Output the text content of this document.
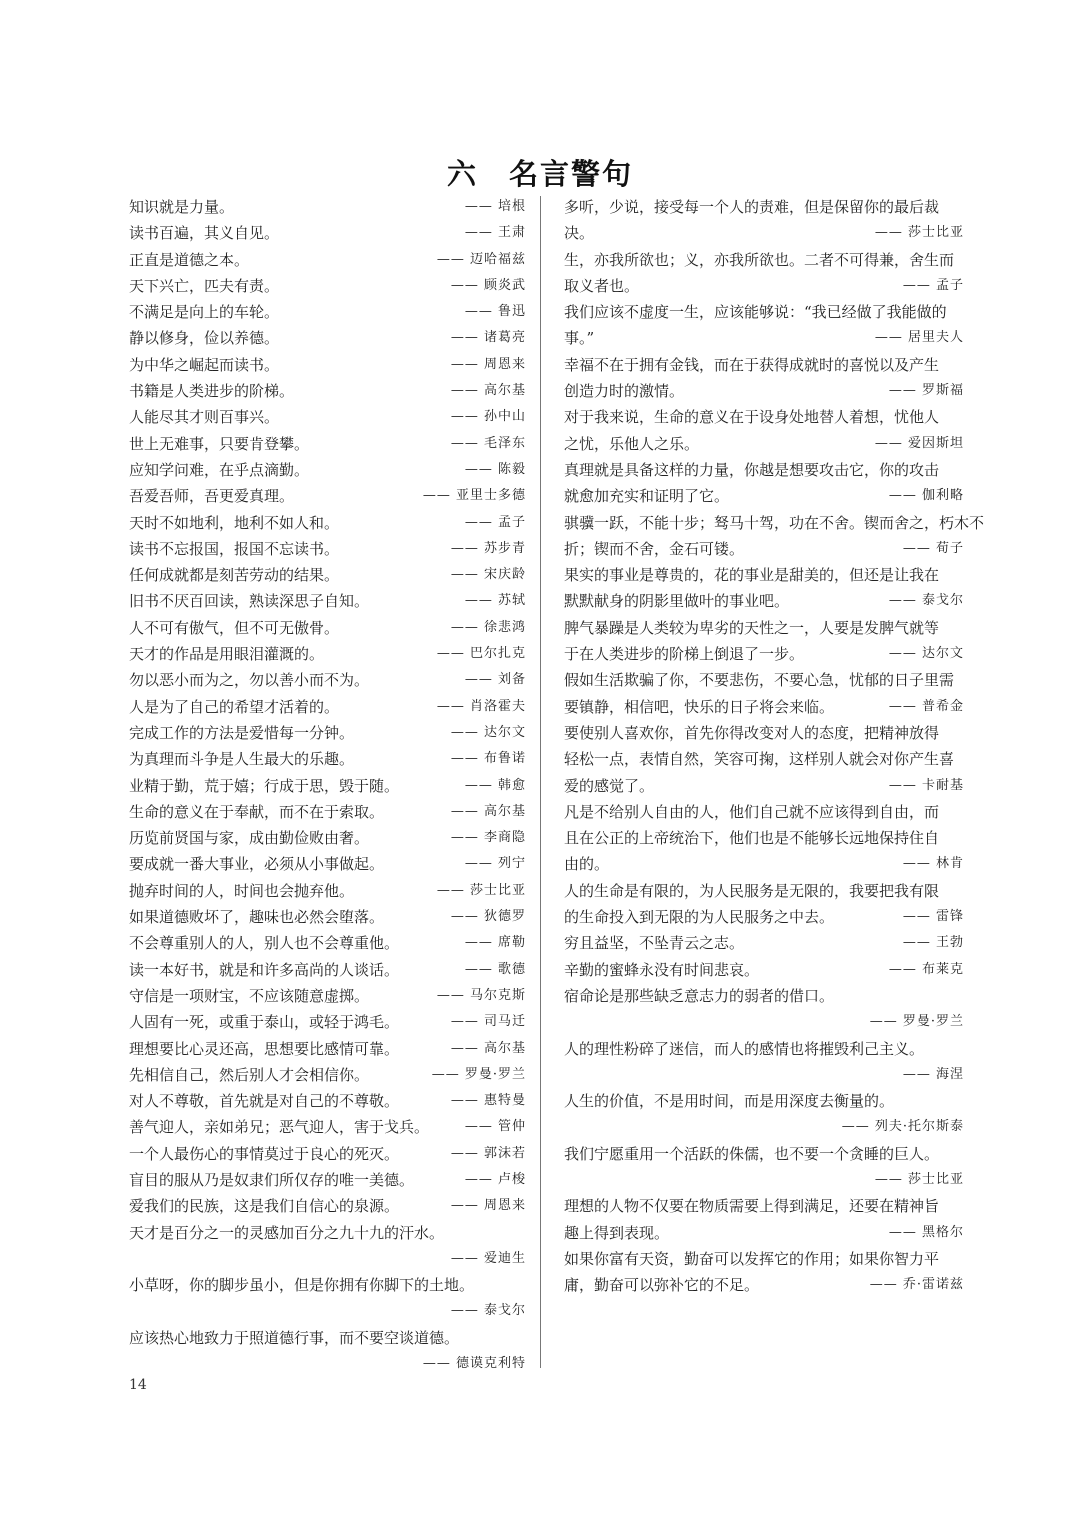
六　名言警句
知识就是力量。	—— 培根
读书百遍，其义自见。	—— 王肃
正直是道德之本。	—— 迈哈福兹
天下兴亡，匹夫有责。	—— 顾炎武
不满足是向上的车轮。	—— 鲁迅
静以修身，俭以养德。	—— 诸葛亮
为中华之崛起而读书。	—— 周恩来
书籍是人类进步的阶梯。	—— 高尔基
人能尽其才则百事兴。	—— 孙中山
世上无难事，只要肯登攀。	—— 毛泽东
应知学问难，在乎点滴勤。	—— 陈毅
吾爱吾师，吾更爱真理。	—— 亚里士多德
天时不如地利，地利不如人和。	—— 孟子
读书不忘报国，报国不忘读书。	—— 苏步青
任何成就都是刻苦劳动的结果。	—— 宋庆龄
旧书不厌百回读，熟读深思子自知。	—— 苏轼
人不可有傲气，但不可无傲骨。	—— 徐悲鸿
天才的作品是用眼泪灌溉的。	—— 巴尔扎克
勿以恶小而为之，勿以善小而不为。	—— 刘备
人是为了自己的希望才活着的。	—— 肖洛霍夫
完成工作的方法是爱惜每一分钟。	—— 达尔文
为真理而斗争是人生最大的乐趣。	—— 布鲁诺
业精于勤，荒于嬉；行成于思，毁于随。	—— 韩愈
生命的意义在于奉献，而不在于索取。	—— 高尔基
历览前贤国与家，成由勤俭败由奢。	—— 李商隐
要成就一番大事业，必须从小事做起。	—— 列宁
抛弃时间的人，时间也会抛弃他。	—— 莎士比亚
如果道德败坏了，趣味也必然会堕落。	—— 狄德罗
不会尊重别人的人，别人也不会尊重他。	—— 席勒
读一本好书，就是和许多高尚的人谈话。	—— 歌德
守信是一项财宝，不应该随意虚掷。	—— 马尔克斯
人固有一死，或重于泰山，或轻于鸿毛。	—— 司马迁
理想要比心灵还高，思想要比感情可靠。	—— 高尔基
先相信自己，然后别人才会相信你。	—— 罗曼·罗兰
对人不尊敬，首先就是对自己的不尊敬。	—— 惠特曼
善气迎人，亲如弟兄；恶气迎人，害于戈兵。	—— 管仲
一个人最伤心的事情莫过于良心的死灭。	—— 郭沫若
盲目的服从乃是奴隶们所仅存的唯一美德。	—— 卢梭
爱我们的民族，这是我们自信心的泉源。	—— 周恩来
天才是百分之一的灵感加百分之九十九的汗水。
—— 爱迪生
小草呀，你的脚步虽小，但是你拥有你脚下的土地。
—— 泰戈尔
应该热心地致力于照道德行事，而不要空谈道德。
—— 德谟克利特
多听，少说，接受每一个人的责难，但是保留你的最后裁
决。	—— 莎士比亚
生，亦我所欲也；义，亦我所欲也。二者不可得兼，舍生而
取义者也。	—— 孟子
我们应该不虚度一生，应该能够说：“我已经做了我能做的
事。”	—— 居里夫人
幸福不在于拥有金钱，而在于获得成就时的喜悦以及产生
创造力时的激情。	—— 罗斯福
对于我来说，生命的意义在于设身处地替人着想，忧他人
之忧，乐他人之乐。	—— 爱因斯坦
真理就是具备这样的力量，你越是想要攻击它，你的攻击
就愈加充实和证明了它。	—— 伽利略
骐骥一跃，不能十步；驽马十驾，功在不舍。锲而舍之，朽木不
折；锲而不舍，金石可镂。	—— 荀子
果实的事业是尊贵的，花的事业是甜美的，但还是让我在
默默献身的阴影里做叶的事业吧。	—— 泰戈尔
脾气暴躁是人类较为卑劣的天性之一，人要是发脾气就等
于在人类进步的阶梯上倒退了一步。	—— 达尔文
假如生活欺骗了你，不要悲伤，不要心急，忧郁的日子里需
要镇静，相信吧，快乐的日子将会来临。	—— 普希金
要使别人喜欢你，首先你得改变对人的态度，把精神放得
轻松一点，表情自然，笑容可掬，这样别人就会对你产生喜
爱的感觉了。	—— 卡耐基
凡是不给别人自由的人，他们自己就不应该得到自由，而
且在公正的上帝统治下，他们也是不能够长远地保持住自
由的。	—— 林肯
人的生命是有限的，为人民服务是无限的，我要把我有限
的生命投入到无限的为人民服务之中去。	—— 雷锋
穷且益坚，不坠青云之志。	—— 王勃
辛勤的蜜蜂永没有时间悲哀。	—— 布莱克
宿命论是那些缺乏意志力的弱者的借口。
—— 罗曼·罗兰
人的理性粉碎了迷信，而人的感情也将摧毁利己主义。
—— 海涅
人生的价值，不是用时间，而是用深度去衡量的。
—— 列夫·托尔斯泰
我们宁愿重用一个活跃的侏儒，也不要一个贪睡的巨人。
—— 莎士比亚
理想的人物不仅要在物质需要上得到满足，还要在精神旨
趣上得到表现。	—— 黑格尔
如果你富有天资，勤奋可以发挥它的作用；如果你智力平
庸，勤奋可以弥补它的不足。	—— 乔·雷诺兹
14
